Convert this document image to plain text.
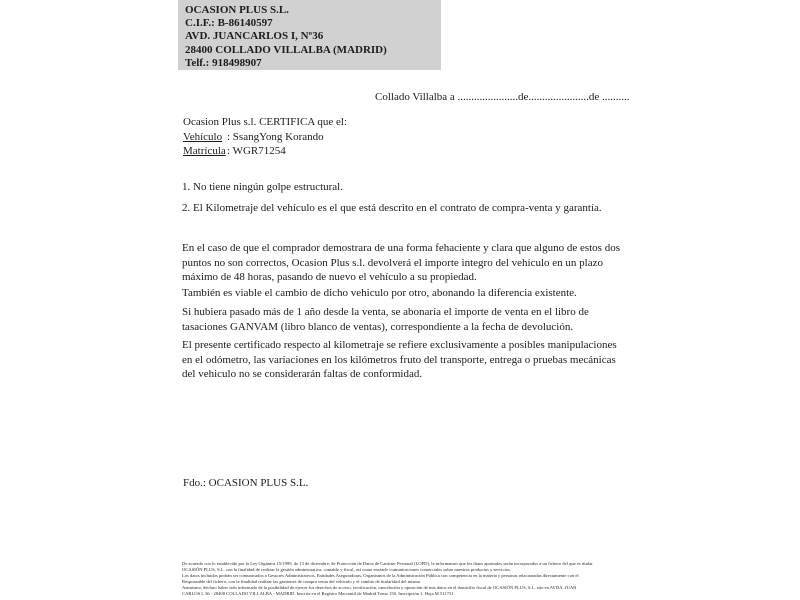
OCASION PLUS S.L.
C.I.F.: B-86140597
AVD. JUANCARLOS I, Nº36
28400 COLLADO VILLALBA (MADRID)
Telf.: 918498907
Collado Villalba a ......................de......................de ..........
Ocasion Plus s.l. CERTIFICA que el:
Vehículo : SsangYong Korando
Matrícula: WGR71254
1. No tiene ningún golpe estructural.
2. El Kilometraje del vehículo es el que está descrito en el contrato de compra-venta y garantía.

En el caso de que el comprador demostrara de una forma fehaciente y clara que alguno de estos dos puntos no son correctos, Ocasion Plus s.l. devolverá el importe integro del vehículo en un plazo máximo de 48 horas, pasando de nuevo el vehículo a su propiedad.

También es viable el cambio de dicho vehiculo por otro, abonando la diferencia existente.

Si hubiera pasado más de 1 año desde la venta, se abonaría el importe de venta en el libro de tasaciones GANVAM (libro blanco de ventas), correspondiente a la fecha de devolución.

El presente certificado respecto al kilometraje se refiere exclusivamente a posibles manipulaciones en el odómetro, las variaciones en los kilómetros fruto del transporte, entrega o pruebas mecánicas del vehiculo no se considerarán faltas de conformidad.

Fdo.: OCASION PLUS S.L.
De acuerdo con lo establecido por la Ley Orgánica 15/1999, de 13 de diciembre, de Protección de Datos de Carácter Personal (LOPD), le informamos que los datos aportados serán incorporados a un fichero del que es titular
OCASIÓN PLUS, S.L. con la finalidad de realizar la gestión administrativa, contable y fiscal, así como enviarle comunicaciones comerciales sobre nuestros productos y servicios.
Los datos incluidos podrán ser comunicados a Gestores Administrativos, Entidades Aseguradoras, Organismos de la Administración Pública con competencia en la materia y personas relacionadas directamente con el
Responsable del fichero, con la finalidad realizar las gestiones de compra venta del vehículo y el cambio de titularidad del mismo.
Asimismo, declaro haber sido informado de la posibilidad de ejercer los derechos de acceso, rectificación, cancelación y oposición de mis datos en el domicilio fiscal de OCASIÓN PLUS, S.L. sito en AVDA. JUAN
CARLOS I, 36 - 28400 COLLADO VILLALBA - MADRID. Inscrita en el Registro Mercantil de Madrid Tomo 150, Inscripción 1, Hoja M 511731
